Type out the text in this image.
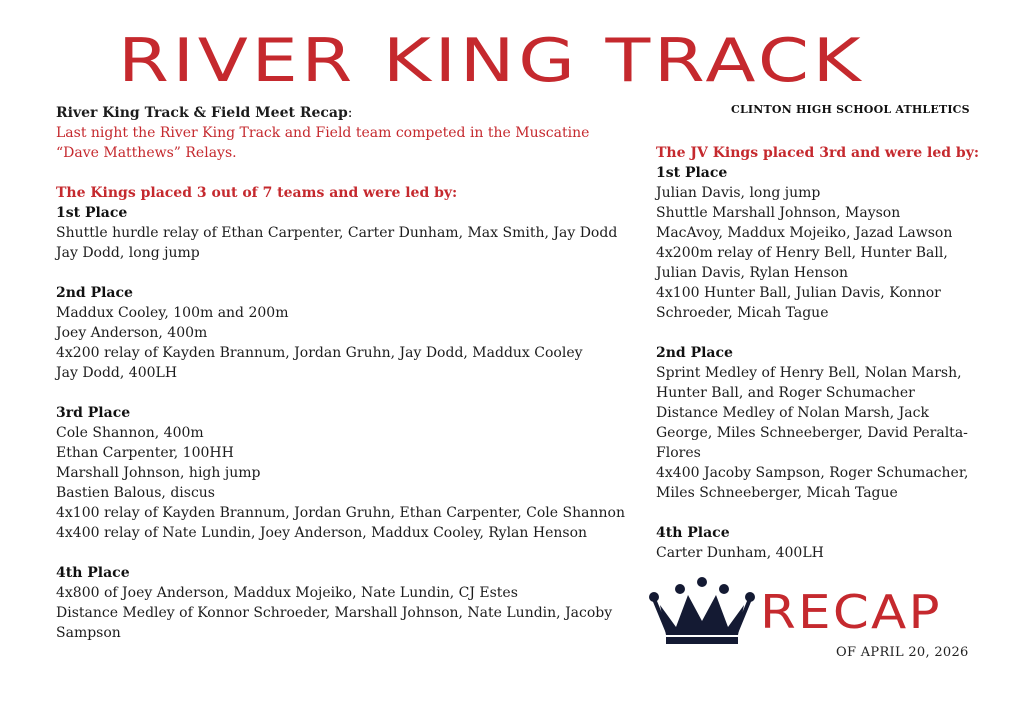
RIVER KING TRACK
CLINTON HIGH SCHOOL ATHLETICS
River King Track & Field Meet Recap:
Last night the River King Track and Field team competed in the Muscatine
“Dave Matthews” Relays.
The Kings placed 3 out of 7 teams and were led by:
1st Place
Shuttle hurdle relay of Ethan Carpenter, Carter Dunham, Max Smith, Jay Dodd
Jay Dodd, long jump
2nd Place
Maddux Cooley, 100m and 200m
Joey Anderson, 400m
4x200 relay of Kayden Brannum, Jordan Gruhn, Jay Dodd, Maddux Cooley
Jay Dodd, 400LH
3rd Place
Cole Shannon, 400m
Ethan Carpenter, 100HH
Marshall Johnson, high jump
Bastien Balous, discus
4x100 relay of Kayden Brannum, Jordan Gruhn, Ethan Carpenter, Cole Shannon
4x400 relay of Nate Lundin, Joey Anderson, Maddux Cooley, Rylan Henson
4th Place
4x800 of Joey Anderson, Maddux Mojeiko, Nate Lundin, CJ Estes
Distance Medley of Konnor Schroeder, Marshall Johnson, Nate Lundin, Jacoby
Sampson
The JV Kings placed 3rd and were led by:
1st Place
Julian Davis, long jump
Shuttle Marshall Johnson, Mayson
MacAvoy, Maddux Mojeiko, Jazad Lawson
4x200m relay of Henry Bell, Hunter Ball,
Julian Davis, Rylan Henson
4x100 Hunter Ball, Julian Davis, Konnor
Schroeder, Micah Tague
2nd Place
Sprint Medley of Henry Bell, Nolan Marsh,
Hunter Ball, and Roger Schumacher
Distance Medley of Nolan Marsh, Jack
George, Miles Schneeberger, David Peralta-
Flores
4x400 Jacoby Sampson, Roger Schumacher,
Miles Schneeberger, Micah Tague
4th Place
Carter Dunham, 400LH
RECAP
OF APRIL 20, 2026
